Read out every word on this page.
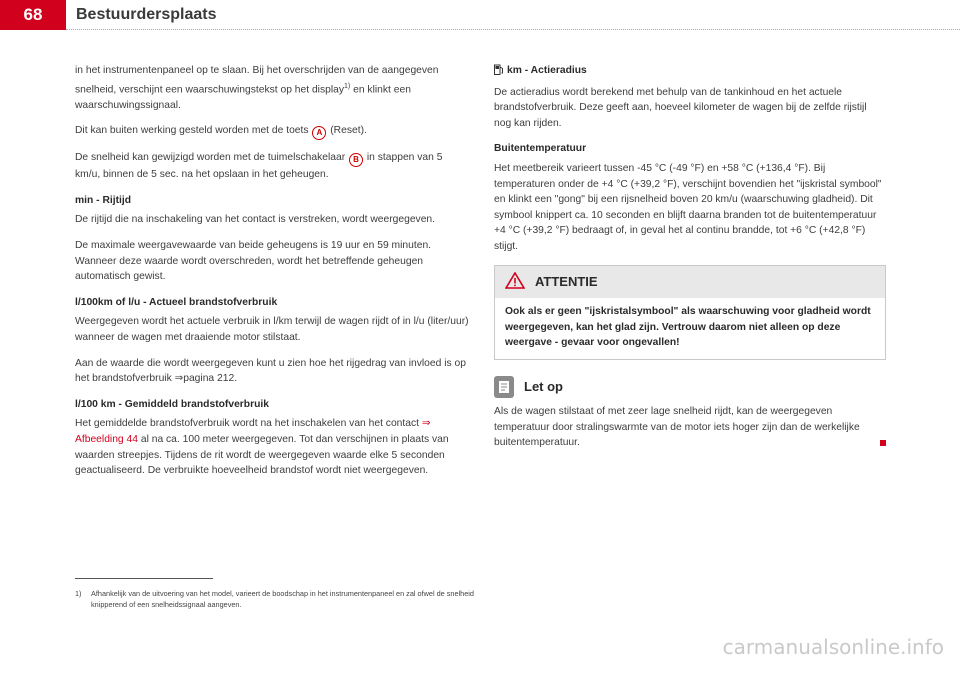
68	Bestuurdersplaats

in het instrumentenpaneel op te slaan. Bij het overschrijden van de aangegeven snelheid, verschijnt een waarschuwingstekst op het display$^{1)}$ en klinkt een waarschuwingssignaal.

Dit kan buiten werking gesteld worden met de toets A (Reset).

De snelheid kan gewijzigd worden met de tuimelschakelaar B in stappen van 5 km/u, binnen de 5 sec. na het opslaan in het geheugen.

min - Rijtijd

De rijtijd die na inschakeling van het contact is verstreken, wordt weergegeven.

De maximale weergavewaarde van beide geheugens is 19 uur en 59 minuten. Wanneer deze waarde wordt overschreden, wordt het betreffende geheugen automatisch gewist.

l/100km of l/u - Actueel brandstofverbruik

Weergegeven wordt het actuele verbruik in l/km terwijl de wagen rijdt of in l/u (liter/uur) wanneer de wagen met draaiende motor stilstaat.

Aan de waarde die wordt weergegeven kunt u zien hoe het rijgedrag van invloed is op het brandstofverbruik ⇒pagina 212.

l/100 km - Gemiddeld brandstofverbruik

Het gemiddelde brandstofverbruik wordt na het inschakelen van het contact ⇒ Afbeelding 44 al na ca. 100 meter weergegeven. Tot dan verschijnen in plaats van waarden streepjes. Tijdens de rit wordt de weergegeven waarde elke 5 seconden geactualiseerd. De verbruikte hoeveelheid brandstof wordt niet weergegeven.

km - Actieradius

De actieradius wordt berekend met behulp van de tankinhoud en het actuele brandstofverbruik. Deze geeft aan, hoeveel kilometer de wagen bij de zelfde rijstijl nog kan rijden.

Buitentemperatuur

Het meetbereik varieert tussen -45 °C (-49 °F) en +58 °C (+136,4 °F). Bij temperaturen onder de +4 °C (+39,2 °F), verschijnt bovendien het "ijskristal symbool" en klinkt een "gong" bij een rijsnelheid boven 20 km/u (waarschuwing gladheid). Dit symbool knippert ca. 10 seconden en blijft daarna branden tot de buitentemperatuur +4 °C (+39,2 °F) bedraagt of, in geval het al continu brandde, tot +6 °C (+42,8 °F) stijgt.

ATTENTIE
Ook als er geen "ijskristalsymbool" als waarschuwing voor gladheid wordt weergegeven, kan het glad zijn. Vertrouw daarom niet alleen op deze weergave - gevaar voor ongevallen!
Let op

Als de wagen stilstaat of met zeer lage snelheid rijdt, kan de weergegeven temperatuur door stralingswarmte van de motor iets hoger zijn dan de werkelijke buitentemperatuur.

1)	Afhankelijk van de uitvoering van het model, varieert de boodschap in het instrumentenpaneel en zal ofwel de snelheid knipperend of een snelheidssignaal aangeven.
carmanualsonline.info
